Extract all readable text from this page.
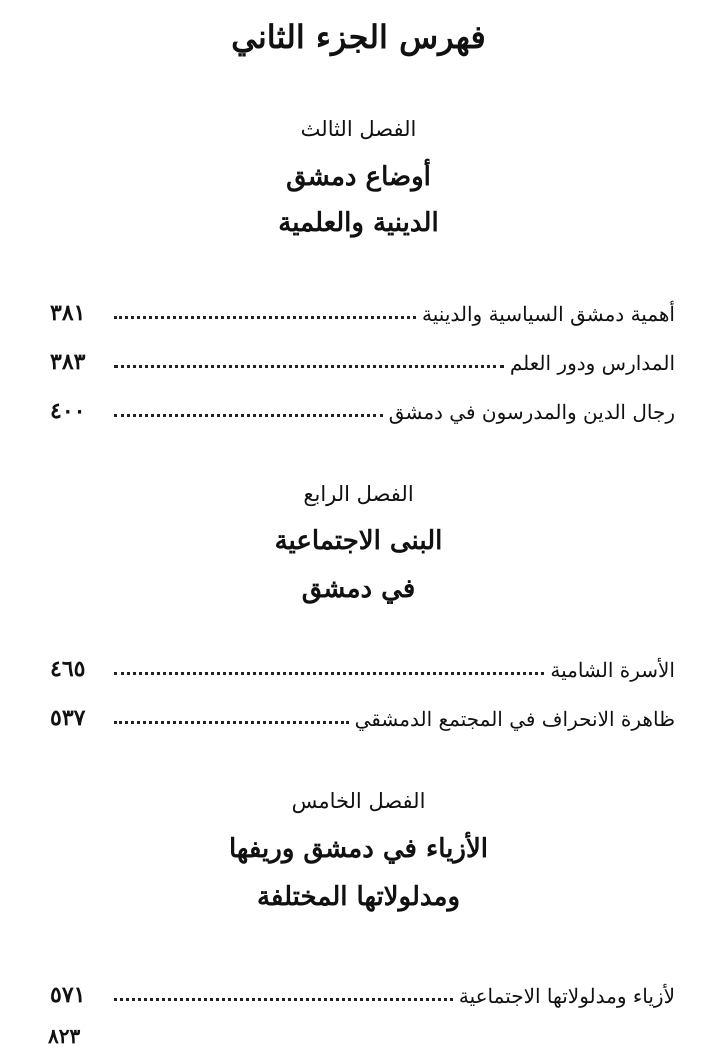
فهرس الجزء الثاني
الفصل الثالث
أوضاع دمشق
الدينية والعلمية
أهمية دمشق السياسية والدينية
٣٨١
المدارس ودور العلم
٣٨٣
رجال الدين والمدرسون في دمشق
٤٠٠
الفصل الرابع
البنى الاجتماعية
في دمشق
الأسرة الشامية
٤٦٥
ظاهرة الانحراف في المجتمع الدمشقي
٥٣٧
الفصل الخامس
الأزياء في دمشق وريفها
ومدلولاتها المختلفة
لأزياء ومدلولاتها الاجتماعية
٥٧١
٨٢٣
